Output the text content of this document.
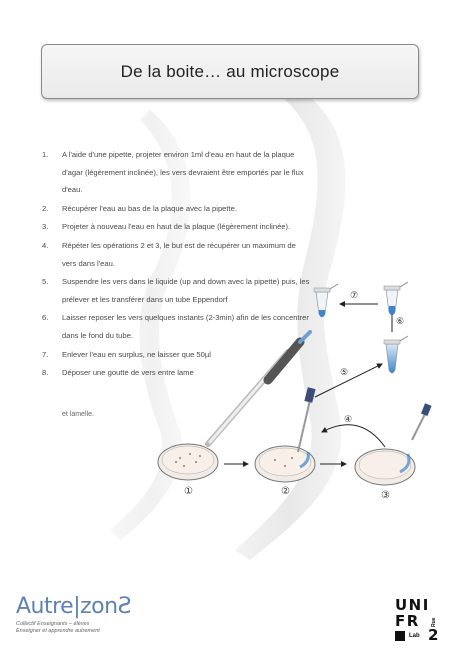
De la boite… au microscope
1. A l'aide d'une pipette, projeter environ 1ml d'eau en haut de la plaque d'agar (légèrement inclinée), les vers devraient être emportés par le flux d'eau.
2. Récupérer l'eau au bas de la plaque avec la pipette.
3. Projeter à nouveau l'eau en haut de la plaque (légèrement inclinée).
4. Répéter les opérations 2 et 3, le but est de récupérer un maximum de vers dans l'eau.
5. Suspendre les vers dans le liquide (up and down avec la pipette) puis, les prélever et les transférer dans un tube Eppendorf
6. Laisser reposer les vers quelques instants (2-3min) afin de les concentrer dans le fond du tube.
7. Enlever l'eau en surplus, ne laisser que 50µl
8. Déposer une goutte de vers entre lame
et lamelle.
①	②	③
④
⑤
⑥
⑦
Autre|zonƧ
Collectif Enseignants – élèves
Enseigner et apprendre autrement
UNI
FR Rue
Lab 2
